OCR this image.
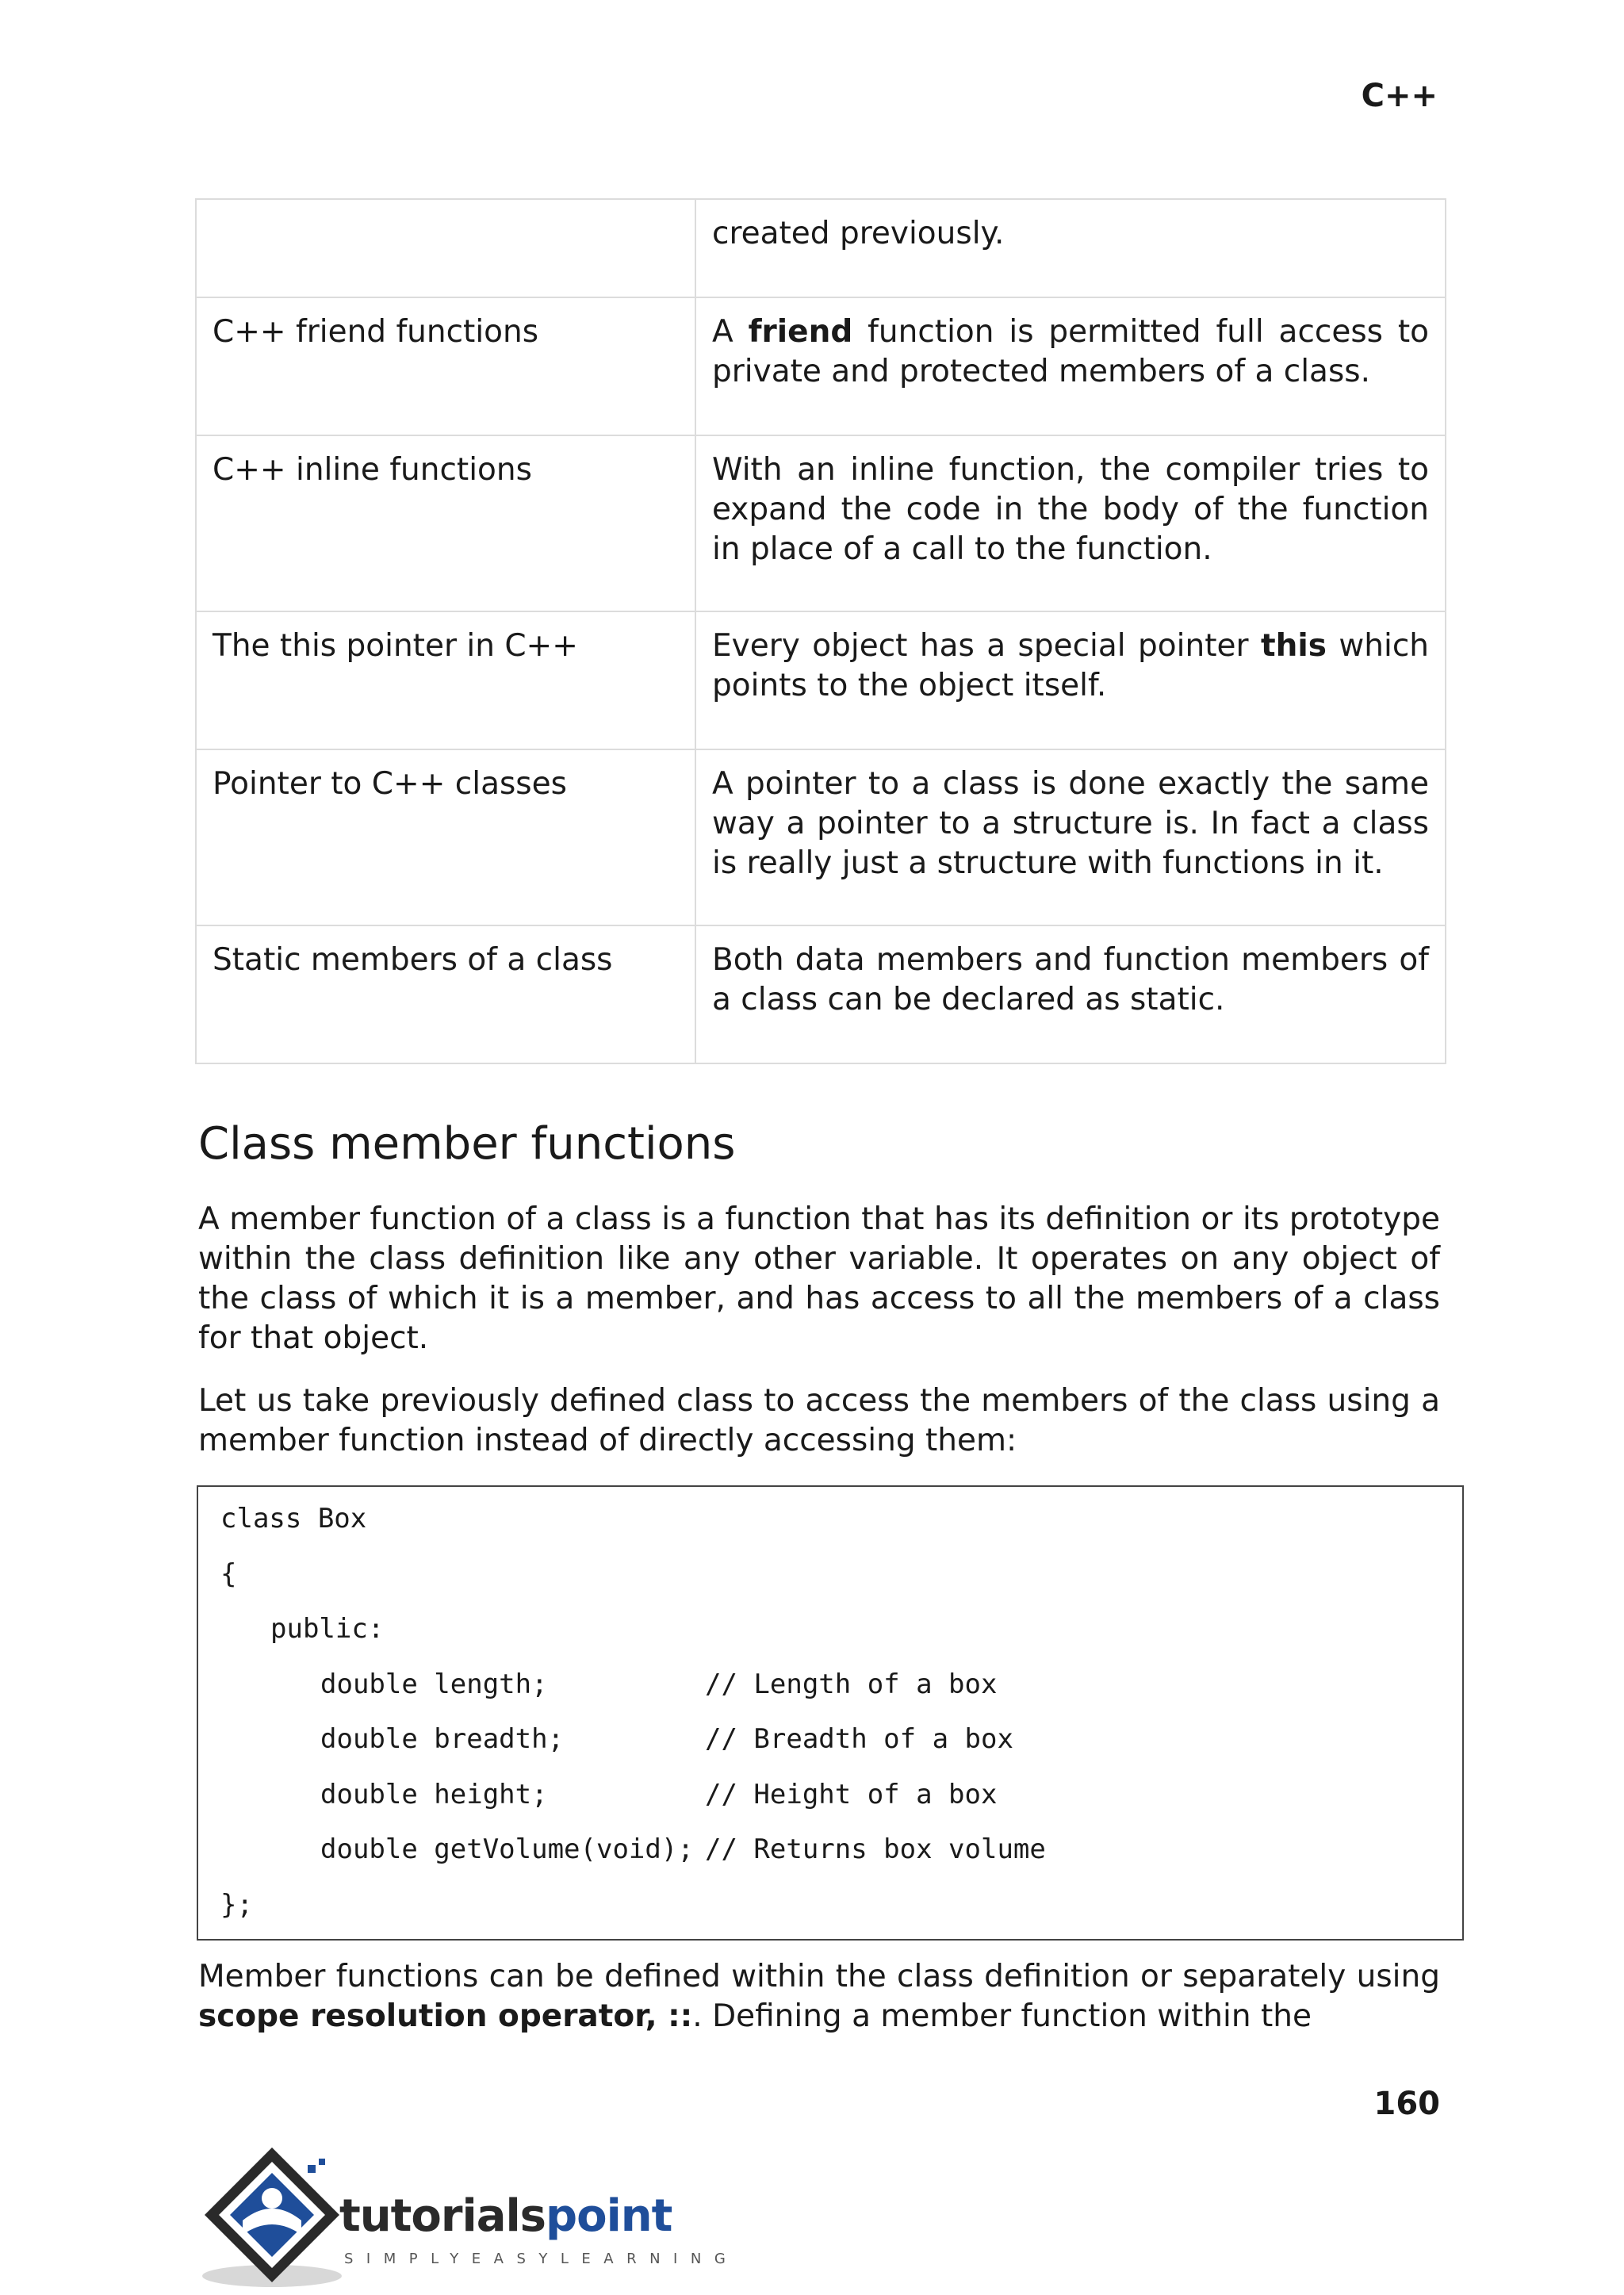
C++
	created previously.
C++ friend functions	A friend function is permitted full access to private and protected members of a class.
C++ inline functions	With an inline function, the compiler tries to expand the code in the body of the function in place of a call to the function.
The this pointer in C++	Every object has a special pointer this which points to the object itself.
Pointer to C++ classes	A pointer to a class is done exactly the same way a pointer to a structure is. In fact a class is really just a structure with functions in it.
Static members of a class	Both data members and function members of a class can be declared as static.
Class member functions

A member function of a class is a function that has its definition or its prototype within the class definition like any other variable. It operates on any object of the class of which it is a member, and has access to all the members of a class for that object.

Let us take previously defined class to access the members of the class using a member function instead of directly accessing them:

class Box
{
public:
double length;	// Length of a box
double breadth;	// Breadth of a box
double height;	// Height of a box
double getVolume(void); // Returns box volume
};

Member functions can be defined within the class definition or separately using scope resolution operator, ::. Defining a member function within the

160
tutorialspoint
SIMPLYEASYLEARNING
